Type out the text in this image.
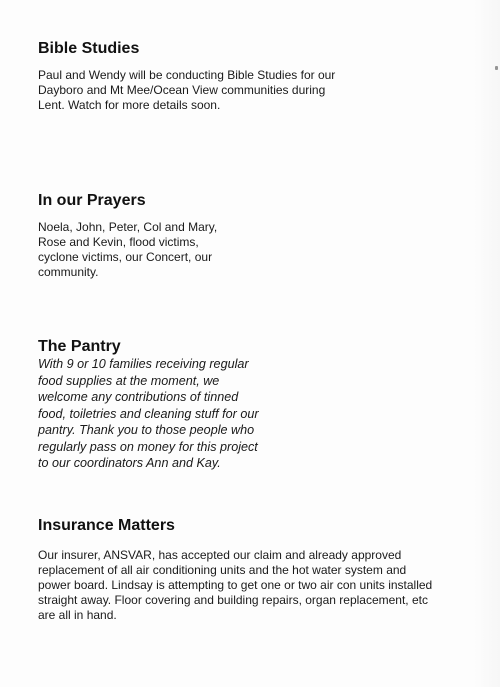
Bible Studies

Paul and Wendy will be conducting Bible Studies for our
Dayboro and Mt Mee/Ocean View communities during
Lent. Watch for more details soon.

In our Prayers

Noela, John, Peter, Col and Mary,
Rose and Kevin, flood victims,
cyclone victims, our Concert, our
community.

The Pantry

With 9 or 10 families receiving regular
food supplies at the moment, we
welcome any contributions of tinned
food, toiletries and cleaning stuff for our
pantry. Thank you to those people who
regularly pass on money for this project
to our coordinators Ann and Kay.

Insurance Matters

Our insurer, ANSVAR, has accepted our claim and already approved
replacement of all air conditioning units and the hot water system and
power board. Lindsay is attempting to get one or two air con units installed
straight away. Floor covering and building repairs, organ replacement, etc
are all in hand.
